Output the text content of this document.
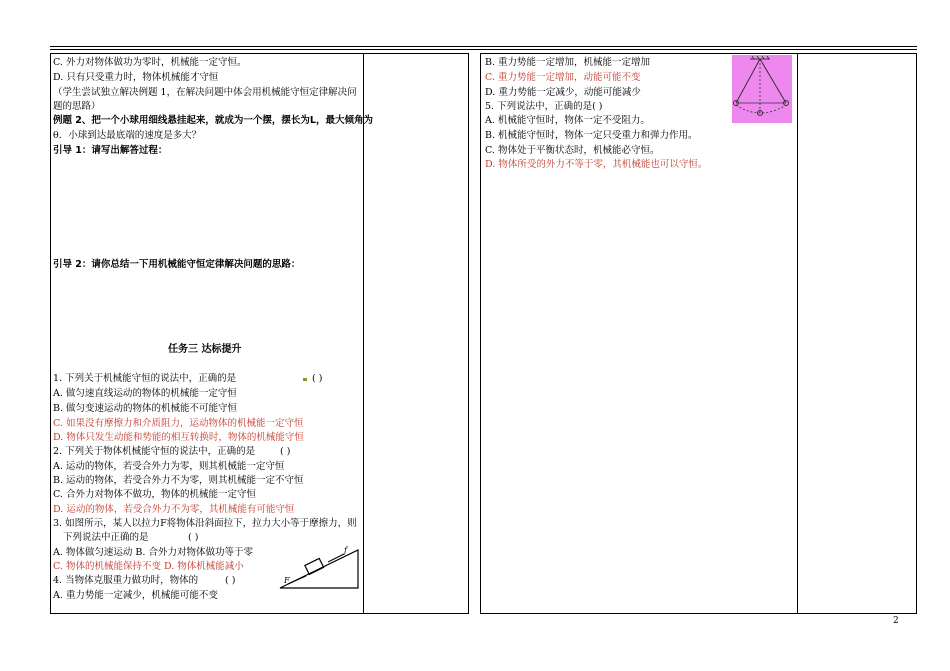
C. 外力对物体做功为零时，机械能一定守恒。
D. 只有只受重力时，物体机械能才守恒
（学生尝试独立解决例题 1，在解决问题中体会用机械能守恒定律解决问
题的思路）
例题 2、把一个小球用细线悬挂起来，就成为一个摆，摆长为L，最大倾角为
θ．小球到达最底端的速度是多大？
引导 1：请写出解答过程：
引导 2：请你总结一下用机械能守恒定律解决问题的思路：
任务三 达标提升
1. 下列关于机械能守恒的说法中，正确的是	( )
A. 做匀速直线运动的物体的机械能一定守恒
B. 做匀变速运动的物体的机械能不可能守恒
C. 如果没有摩擦力和介质阻力，运动物体的机械能一定守恒
D. 物体只发生动能和势能的相互转换时，物体的机械能守恒
2. 下列关于物体机械能守恒的说法中，正确的是	( )
A. 运动的物体，若受合外力为零，则其机械能一定守恒
B. 运动的物体，若受合外力不为零，则其机械能一定不守恒
C. 合外力对物体不做功，物体的机械能一定守恒
D. 运动的物体，若受合外力不为零，其机械能有可能守恒
3. 如图所示，某人以拉力F将物体沿斜面拉下，拉力大小等于摩擦力，则
下列说法中正确的是	( )
A. 物体做匀速运动 B. 合外力对物体做功等于零
C. 物体的机械能保持不变 D. 物体机械能减小
4. 当物体克服重力做功时，物体的	( )
A. 重力势能一定减少，机械能可能不变
F
f
B. 重力势能一定增加，机械能一定增加
C. 重力势能一定增加，动能可能不变
D. 重力势能一定减少，动能可能减少
5. 下列说法中，正确的是( )
A. 机械能守恒时，物体一定不受阻力。
B. 机械能守恒时，物体一定只受重力和弹力作用。
C. 物体处于平衡状态时，机械能必守恒。
D. 物体所受的外力不等于零，其机械能也可以守恒。
2
